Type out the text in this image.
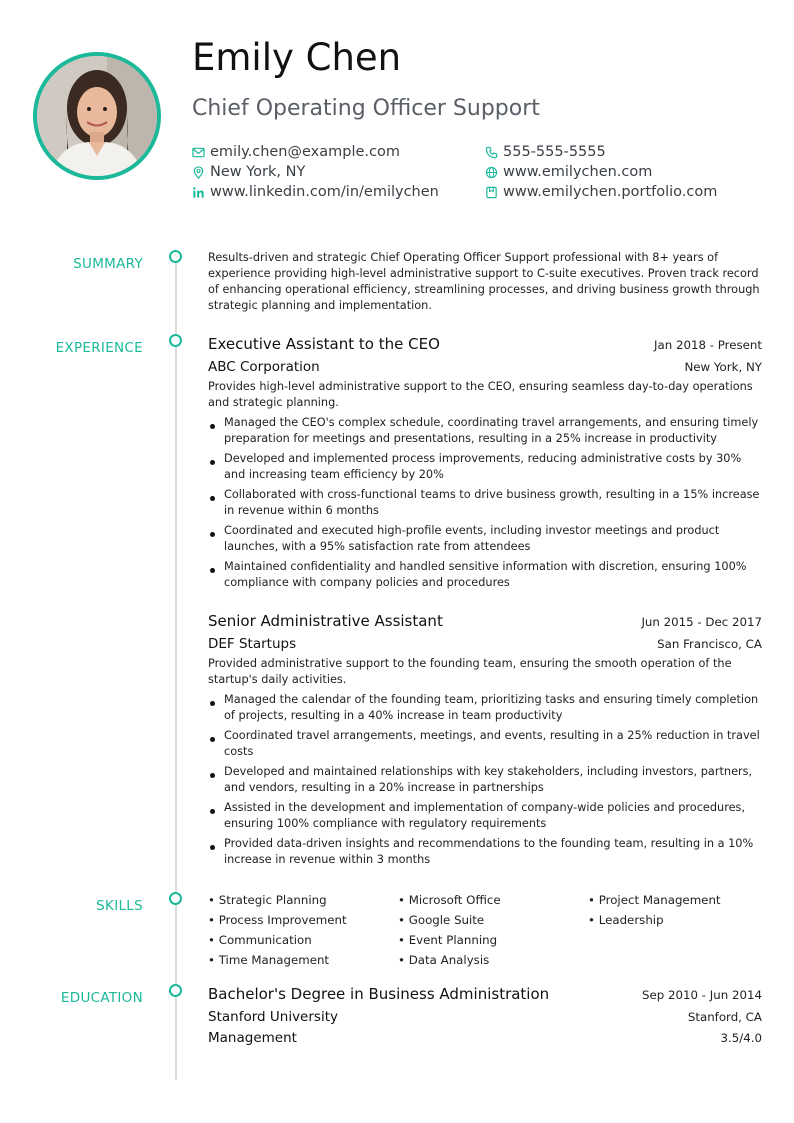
Emily Chen
Chief Operating Officer Support
emily.chen@example.com	555-555-5555
New York, NY	www.emilychen.com
www.linkedin.com/in/emilychen	www.emilychen.portfolio.com
SUMMARY
EXPERIENCE
SKILLS
EDUCATION

Results-driven and strategic Chief Operating Officer Support professional with 8+ years of experience providing high-level administrative support to C-suite executives. Proven track record of enhancing operational efficiency, streamlining processes, and driving business growth through strategic planning and implementation.

Executive Assistant to the CEO	Jan 2018 - Present
ABC Corporation	New York, NY

Provides high-level administrative support to the CEO, ensuring seamless day-to-day operations and strategic planning.

Managed the CEO's complex schedule, coordinating travel arrangements, and ensuring timely preparation for meetings and presentations, resulting in a 25% increase in productivity
Developed and implemented process improvements, reducing administrative costs by 30% and increasing team efficiency by 20%
Collaborated with cross-functional teams to drive business growth, resulting in a 15% increase in revenue within 6 months
Coordinated and executed high-profile events, including investor meetings and product launches, with a 95% satisfaction rate from attendees
Maintained confidentiality and handled sensitive information with discretion, ensuring 100% compliance with company policies and procedures
Senior Administrative Assistant	Jun 2015 - Dec 2017
DEF Startups	San Francisco, CA

Provided administrative support to the founding team, ensuring the smooth operation of the startup's daily activities.

Managed the calendar of the founding team, prioritizing tasks and ensuring timely completion of projects, resulting in a 40% increase in team productivity
Coordinated travel arrangements, meetings, and events, resulting in a 25% reduction in travel costs
Developed and maintained relationships with key stakeholders, including investors, partners, and vendors, resulting in a 20% increase in partnerships
Assisted in the development and implementation of company-wide policies and procedures, ensuring 100% compliance with regulatory requirements
Provided data-driven insights and recommendations to the founding team, resulting in a 10% increase in revenue within 3 months
• Strategic Planning	• Microsoft Office	• Project Management
• Process Improvement	• Google Suite	• Leadership
• Communication	• Event Planning
• Time Management	• Data Analysis
Bachelor's Degree in Business Administration	Sep 2010 - Jun 2014
Stanford University	Stanford, CA
Management	3.5/4.0
